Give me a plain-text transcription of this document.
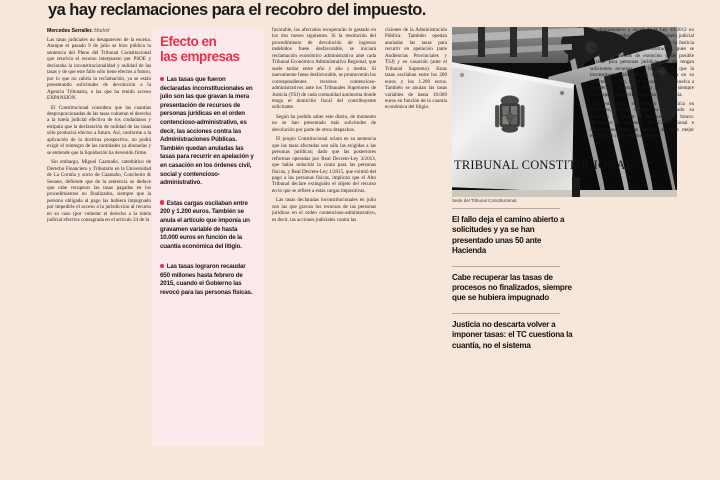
ya hay reclamaciones para el recobro del impuesto.
Mercedes Serraller. Madrid

Las tasas judiciales no desaparecen de la escena. Aunque el pasado 9 de julio se hizo pública la sentencia del Pleno del Tribunal Constitucional que resolvía el recurso interpuesto por PSOE y declaraba la inconstitucionalidad y nulidad de las tasas y de que este fallo sólo tiene efectos a futuro, por lo que no cabría la reclamación, ya se están presentando solicitudes de devolución a la Agencia Tributaria, a las que ha tenido acceso EXPANSIÓN.

El Constitucional considera que las cuantías desproporcionadas de las tasas vulneran el derecho a la tutela judicial efectiva de los ciudadanos y estipula que la declaración de nulidad de las tasas sólo producirá efectos a futuro. Así, conforme a la aplicación de la doctrina prospectiva, no podrá exigir el reintegro de las cantidades ya abonadas y se entiende que la liquidación ha devenido firme.

Sin embargo, Miguel Caamaño, catedrático de Derecho Financiero y Tributario en la Universidad de La Coruña y socio de Caamaño, Concheiro & Seoane, defiende que de la sentencia se deduce que cabe recuperar las tasas pagadas en los procedimientos no finalizados, siempre que la persona obligada al pago las hubiera impugnado por impedirle el acceso a la jurisdicción al recurso en su caso (por vulnerar el derecho a la tutela judicial efectiva consagrada en el artículo 24 de la

Efecto en
las empresas
Las tasas que fueron declaradas inconstitucionales en julio son las que gravan la mera presentación de recursos de personas jurídicas en el orden contencioso-administrativo, es decir, las acciones contra las Administraciones Públicas. También quedan anuladas las tasas para recurrir en apelación y en casación en los órdenes civil, social y contencioso-administrativo.
Estas cargas oscilaban entre 200 y 1.200 euros. También se anula el artículo que imponía un gravamen variable de hasta 10.000 euros en función de la cuantía económica del litigio.
Las tasas lograron recaudar 650 millones hasta febrero de 2015, cuando el Gobierno las revocó para las personas físicas.

favorable, los afectados recuperarán lo gastado en los dos meses siguientes. Si la resolución del procedimiento de devolución de ingresos indebidos fuese desfavorable, se iniciará reclamación económico administrativa ante cada Tribunal Económico Administrativo Regional, que suele tardar entre año y año y medio. Si nuevamente fuese desfavorable, se promoverán los correspondientes recursos contencioso-administrativos ante los Tribunales Superiores de Justicia (TSJ) de cada comunidad autónoma donde tenga el domicilio fiscal del contribuyente solicitante.

Según ha podido saber este diario, de momento no se han presentado más solicitudes de devolución por parte de otros despachos.

El propio Constitucional aclara en su sentencia que las tasas afectadas son sólo las exigidas a las personas jurídicas; dado que las posteriores reformas operadas por Real Decreto-Ley 3/2013, que había reducido la cuota para las personas físicas, y Real Decreto-Ley 1/2015, que eximió del pago a las personas físicas, implican que el Alto Tribunal declare extinguido el objeto del recurso en lo que se refiere a estas cargas impositivas.

Las tasas declaradas inconstitucionales en julio son las que gravan los recursos de las personas jurídicas en el orden contencioso-administrativo, es decir, las acciones judiciales contra las

cisiones de la Administración Pública. También quedan anuladas las tasas para recurrir en apelación (ante Audiencias Provinciales y TSJ) y en casación (ante el Tribunal Supremo). Estas tasas oscilaban entre los 200 euros y los 1.200 euros. También se anulan las tasas variables de hasta 10.000 euros en función de la cuantía económica del litigio.

TRIBUNAL CONSTITUCIONAL
Sede del Tribunal Constitucional.
El fallo deja el camino abierto a solicitudes y ya se han presentado unas 50 ante Hacienda
Cabe recuperar las tasas de procesos no finalizados, siempre que se hubiera impugnado
Justicia no descarta volver a imponer tasas: el TC cuestiona la cuantía, no el sistema

so-administrativo y social de la Ley 10/2012 no vulnera el derecho fundamental de tutela judicial efectiva ni el principio de gratuidad de la Justicia del artículo 119 de la Constitución, pues se acreditan supuestos de exención y de posible flexible para personas jurídicas que no tengan suficientes recursos para litigar. Dado que la inconstitucionalidad de las tasas estriba en su carácter excesivo, no es descartable que vuelva a establecerse sistema de tasas judiciales, siempre que respete el derecho de acceso a la Justicia.

En esta línea, el ministro de Justicia en funciones, Rafael Catalá, ha anunciado su intención de revisar el sistema en el futuro: "Acatamos la sentencia del Constitucional e intentaremos tener un sistema de tasas mejor equilibrado como teníamos antes".
